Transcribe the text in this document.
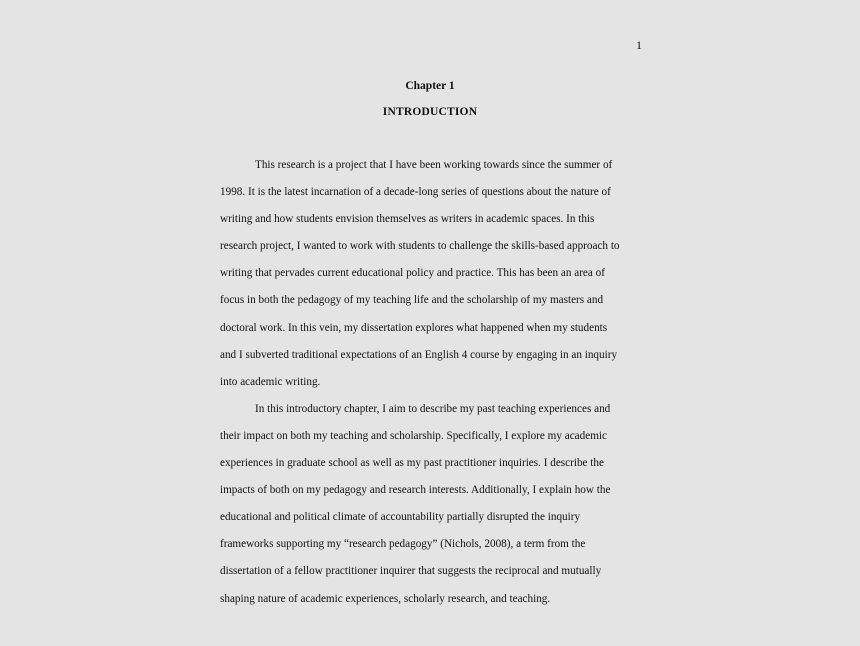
1
Chapter 1
INTRODUCTION
This research is a project that I have been working towards since the summer of
1998. It is the latest incarnation of a decade-long series of questions about the nature of
writing and how students envision themselves as writers in academic spaces. In this
research project, I wanted to work with students to challenge the skills-based approach to
writing that pervades current educational policy and practice. This has been an area of
focus in both the pedagogy of my teaching life and the scholarship of my masters and
doctoral work. In this vein, my dissertation explores what happened when my students
and I subverted traditional expectations of an English 4 course by engaging in an inquiry
into academic writing.
In this introductory chapter, I aim to describe my past teaching experiences and
their impact on both my teaching and scholarship. Specifically, I explore my academic
experiences in graduate school as well as my past practitioner inquiries. I describe the
impacts of both on my pedagogy and research interests. Additionally, I explain how the
educational and political climate of accountability partially disrupted the inquiry
frameworks supporting my “research pedagogy” (Nichols, 2008), a term from the
dissertation of a fellow practitioner inquirer that suggests the reciprocal and mutually
shaping nature of academic experiences, scholarly research, and teaching.
